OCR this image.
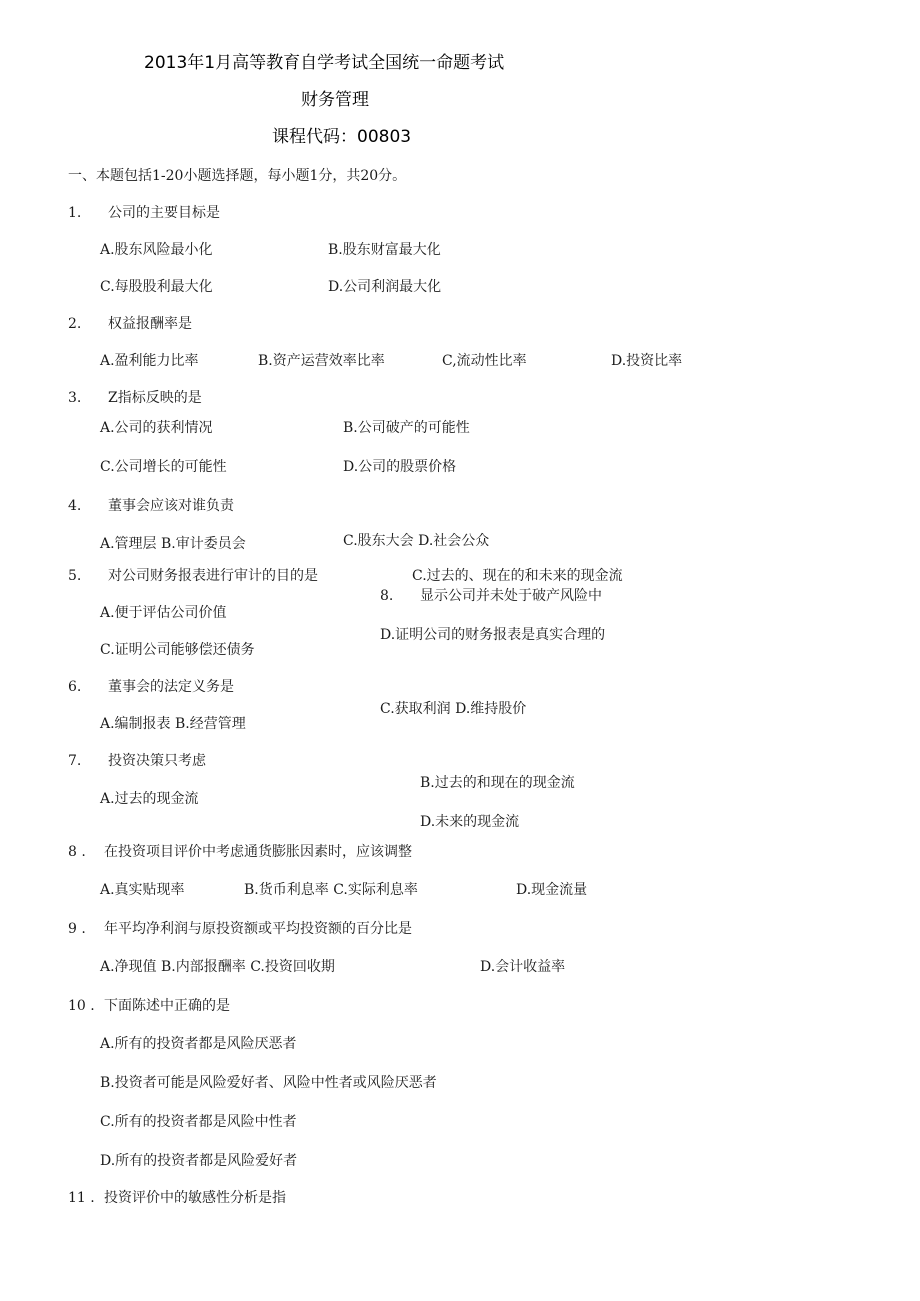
2013年1月高等教育自学考试全国统一命题考试
财务管理
课程代码：00803
一、本题包括1-20小题选择题，每小题1分，共20分。
1. 公司的主要目标是
A.股东风险最小化	B.股东财富最大化
C.每股股利最大化	D.公司利润最大化
2. 权益报酬率是
A.盈利能力比率	B.资产运营效率比率	C,流动性比率	D.投资比率
3. Z指标反映的是
A.公司的获利情况	B.公司破产的可能性
C.公司增长的可能性	D.公司的股票价格
4. 董事会应该对谁负责
A.管理层 B.审计委员会	C.股东大会 D.社会公众
5. 对公司财务报表进行审计的目的是	C.过去的、现在的和未来的现金流
8. 显示公司并未处于破产风险中
A.便于评估公司价值
D.证明公司的财务报表是真实合理的
C.证明公司能够偿还债务
6. 董事会的法定义务是
C.获取利润 D.维持股价
A.编制报表 B.经营管理
7. 投资决策只考虑
B.过去的和现在的现金流
A.过去的现金流
D.未来的现金流
8 . 在投资项目评价中考虑通货膨胀因素时，应该调整
A.真实贴现率	B.货币利息率 C.实际利息率	D.现金流量
9 . 年平均净利润与原投资额或平均投资额的百分比是
A.净现值 B.内部报酬率 C.投资回收期	D.会计收益率
10 . 下面陈述中正确的是
A.所有的投资者都是风险厌恶者
B.投资者可能是风险爱好者、风险中性者或风险厌恶者
C.所有的投资者都是风险中性者
D.所有的投资者都是风险爱好者
11 . 投资评价中的敏感性分析是指
